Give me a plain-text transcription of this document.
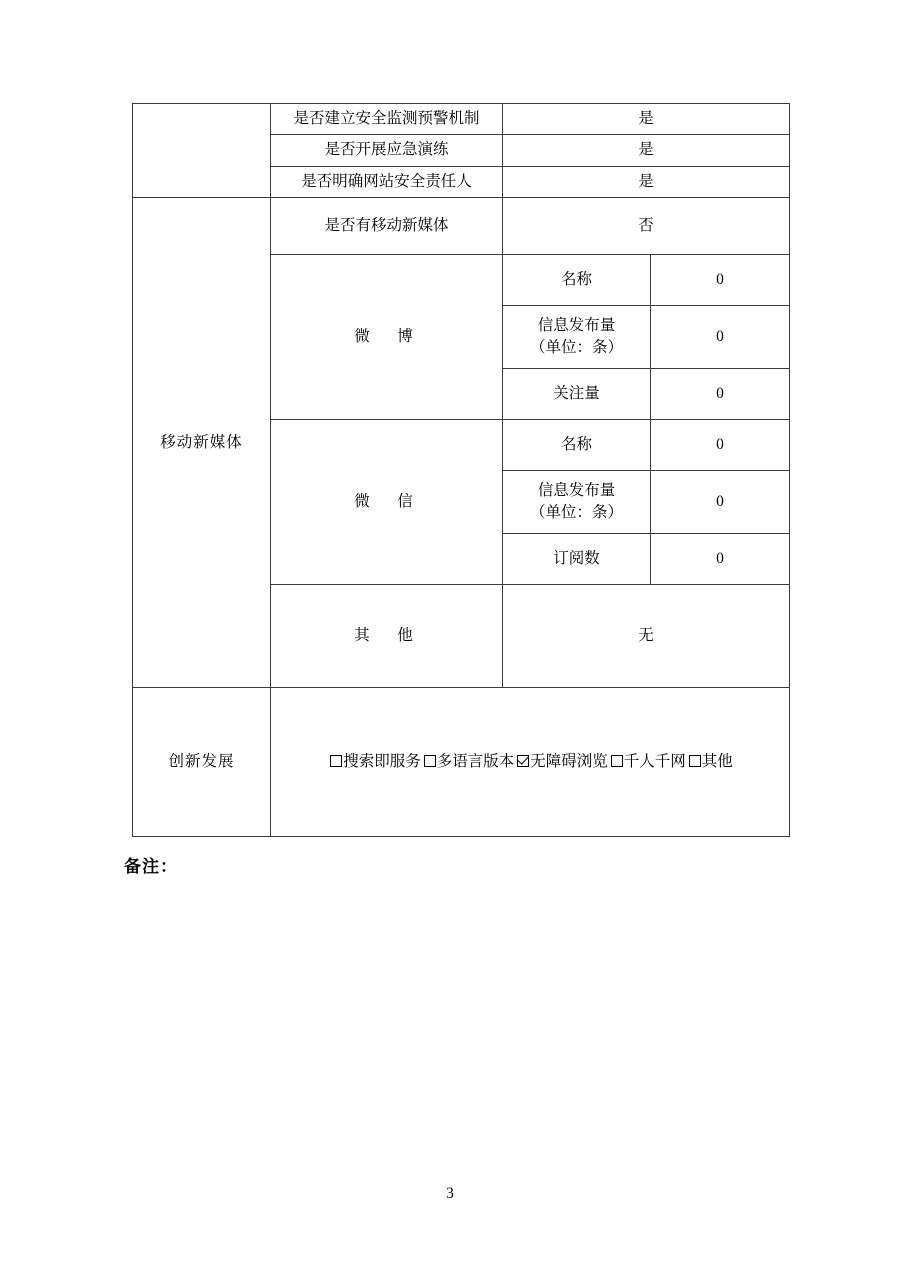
	是否建立安全监测预警机制	是	
	是否开展应急演练	是	
	是否明确网站安全责任人	是	
移动新媒体	是否有移动新媒体	否	
	微　博	名称	0

		信息发布量
（单位：条）	0
		关注量	0
	微　信	名称	0

		信息发布量
（单位：条）	0
		订阅数	0
	其　他	无	
创新发展	搜索即服务 多语言版本 无障碍浏览 千人千网 其他		
备注：
3
